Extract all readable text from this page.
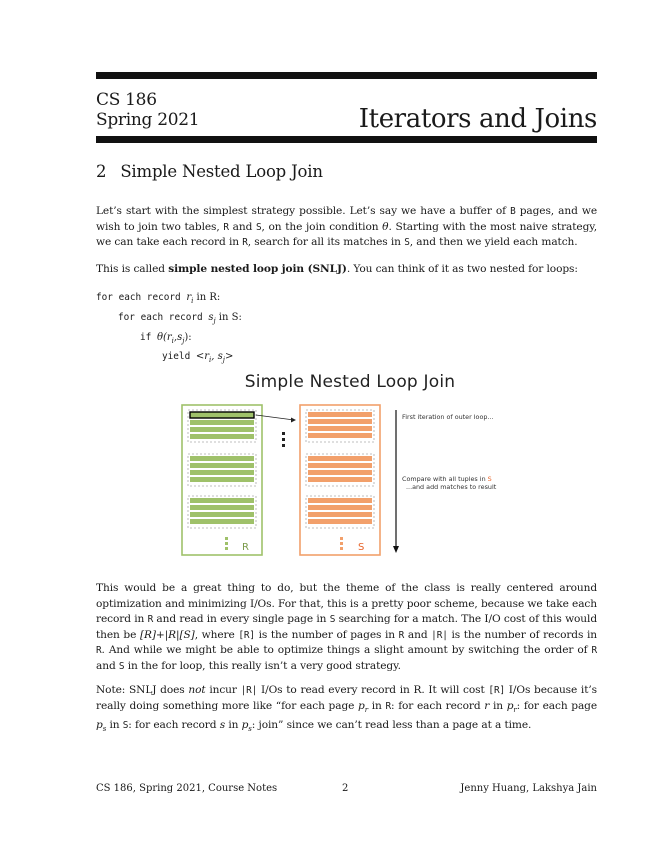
CS 186
Spring 2021	Iterators and Joins
2 Simple Nested Loop Join
Let’s start with the simplest strategy possible. Let’s say we have a buffer of B pages, and we wish to join two tables, R and S, on the join condition θ. Starting with the most naive strategy, we can take each record in R, search for all its matches in S, and then we yield each match.
This is called simple nested loop join (SNLJ). You can think of it as two nested for loops:
for each record $r_i$ in R:
for each record $s_j$ in S:
if $\theta(r_i,s_j)$:
yield $<r_i$, $s_j>$
Simple Nested Loop Join
R	S
First iteration of outer loop...
Compare with all tuples in S
...and add matches to result
This would be a great thing to do, but the theme of the class is really centered around optimization and minimizing I/Os. For that, this is a pretty poor scheme, because we take each record in R and read in every single page in S searching for a match. The I/O cost of this would then be [R]+|R|[S], where [R] is the number of pages in R and |R| is the number of records in R. And while we might be able to optimize things a slight amount by switching the order of R and S in the for loop, this really isn’t a very good strategy.
Note: SNLJ does not incur |R| I/Os to read every record in R. It will cost [R] I/Os because it’s really doing something more like “for each page $p_r$ in R: for each record r in $p_r$: for each page $p_s$ in S: for each record s in $p_s$: join” since we can’t read less than a page at a time.
CS 186, Spring 2021, Course Notes	2	Jenny Huang, Lakshya Jain
